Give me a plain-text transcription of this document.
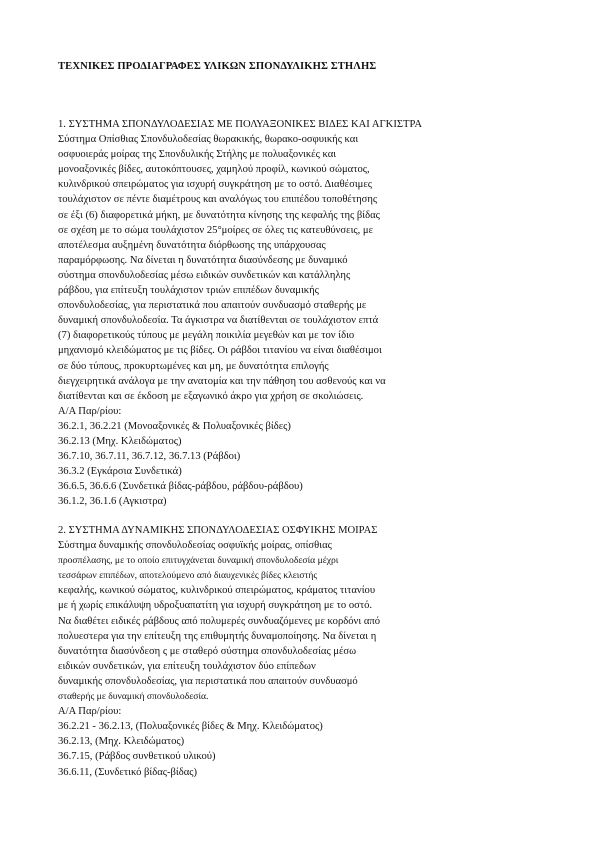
ΤΕΧΝΙΚΕΣ ΠΡΟΔΙΑΓΡΑΦΕΣ ΥΛΙΚΩΝ ΣΠΟΝΔΥΛΙΚΗΣ ΣΤΗΛΗΣ
1. ΣΥΣΤΗΜΑ ΣΠΟΝΔΥΛΟΔΕΣΙΑΣ ΜΕ ΠΟΛΥΑΞΟΝΙΚΕΣ ΒΙΔΕΣ ΚΑΙ ΑΓΚΙΣΤΡΑ
Σύστημα Οπίσθιας Σπονδυλοδεσίας θωρακικής, θωρακο-οσφυικής και
οσφυοιεράς μοίρας της Σπονδυλικής Στήλης με πολυαξονικές και
μονοαξονικές βίδες, αυτοκόπτουσες, χαμηλού προφίλ, κωνικού σώματος,
κυλινδρικού σπειρώματος για ισχυρή συγκράτηση με το οστό. Διαθέσιμες
τουλάχιστον σε πέντε διαμέτρους και αναλόγως του επιπέδου τοποθέτησης
σε έξι (6) διαφορετικά μήκη, με δυνατότητα κίνησης της κεφαλής της βίδας
σε σχέση με το σώμα τουλάχιστον 25°μοίρες σε όλες τις κατευθύνσεις, με
αποτέλεσμα αυξημένη δυνατότητα διόρθωσης της υπάρχουσας
παραμόρφωσης. Να δίνεται η δυνατότητα διασύνδεσης με δυναμικό
σύστημα σπονδυλοδεσίας μέσω ειδικών συνδετικών και κατάλληλης
ράβδου, για επίτευξη τουλάχιστον τριών επιπέδων δυναμικής
σπονδυλοδεσίας, για περιστατικά που απαιτούν συνδυασμό σταθερής με
δυναμική σπονδυλοδεσία. Τα άγκιστρα να διατίθενται σε τουλάχιστον επτά
(7) διαφορετικούς τύπους με μεγάλη ποικιλία μεγεθών και με τον ίδιο
μηχανισμό κλειδώματος με τις βίδες. Οι ράβδοι τιτανίου να είναι διαθέσιμοι
σε δύο τύπους, προκυρτωμένες και μη, με δυνατότητα επιλογής
διεγχειρητικά ανάλογα με την ανατομία και την πάθηση του ασθενούς και να
διατίθενται και σε έκδοση με εξαγωνικό άκρο για χρήση σε σκολιώσεις.
Α/Α Παρ/ρίου:
36.2.1, 36.2.21 (Μονοαξονικές & Πολυαξονικές βίδες)
36.2.13 (Μηχ. Κλειδώματος)
36.7.10, 36.7.11, 36.7.12, 36.7.13 (Ράβδοι)
36.3.2 (Εγκάρσια Συνδετικά)
36.6.5, 36.6.6 (Συνδετικά βίδας-ράβδου, ράβδου-ράβδου)
36.1.2, 36.1.6 (Αγκιστρα)
2. ΣΥΣΤΗΜΑ ΔΥΝΑΜΙΚΗΣ ΣΠΟΝΔΥΛΟΔΕΣΙΑΣ ΟΣΦΥΙΚΗΣ ΜΟΙΡΑΣ
Σύστημα δυναμικής σπονδυλοδεσίας οσφυϊκής μοίρας, οπίσθιας
προσπέλασης, με το οποίο επιτυγχάνεται δυναμική σπονδυλοδεσία μέχρι
τεσσάρων επιπέδων, αποτελούμενο από διαυχενικές βίδες κλειστής
κεφαλής, κωνικού σώματος, κυλινδρικού σπειρώματος, κράματος τιτανίου
με ή χωρίς επικάλυψη υδροξυαπατίτη για ισχυρή συγκράτηση με το οστό.
Να διαθέτει ειδικές ράβδους από πολυμερές συνδυαζόμενες με κορδόνι από
πολυεστερα για την επίτευξη της επιθυμητής δυναμοποίησης. Να δίνεται η
δυνατότητα διασύνδεση ς με σταθερό σύστημα σπονδυλοδεσίας μέσω
ειδικών συνδετικών, για επίτευξη τουλάχιστον δύο επίπεδων
δυναμικής σπονδυλοδεσίας, για περιστατικά που απαιτούν συνδυασμό
σταθερής με δυναμική σπονδυλοδεσία.
Α/Α Παρ/ρίου:
36.2.21 - 36.2.13, (Πολυαξονικές βίδες & Μηχ. Κλειδώματος)
36.2.13, (Μηχ. Κλειδώματος)
36.7.15, (Ράβδος συνθετικού υλικού)
36.6.11, (Συνδετικό βίδας-βίδας)
